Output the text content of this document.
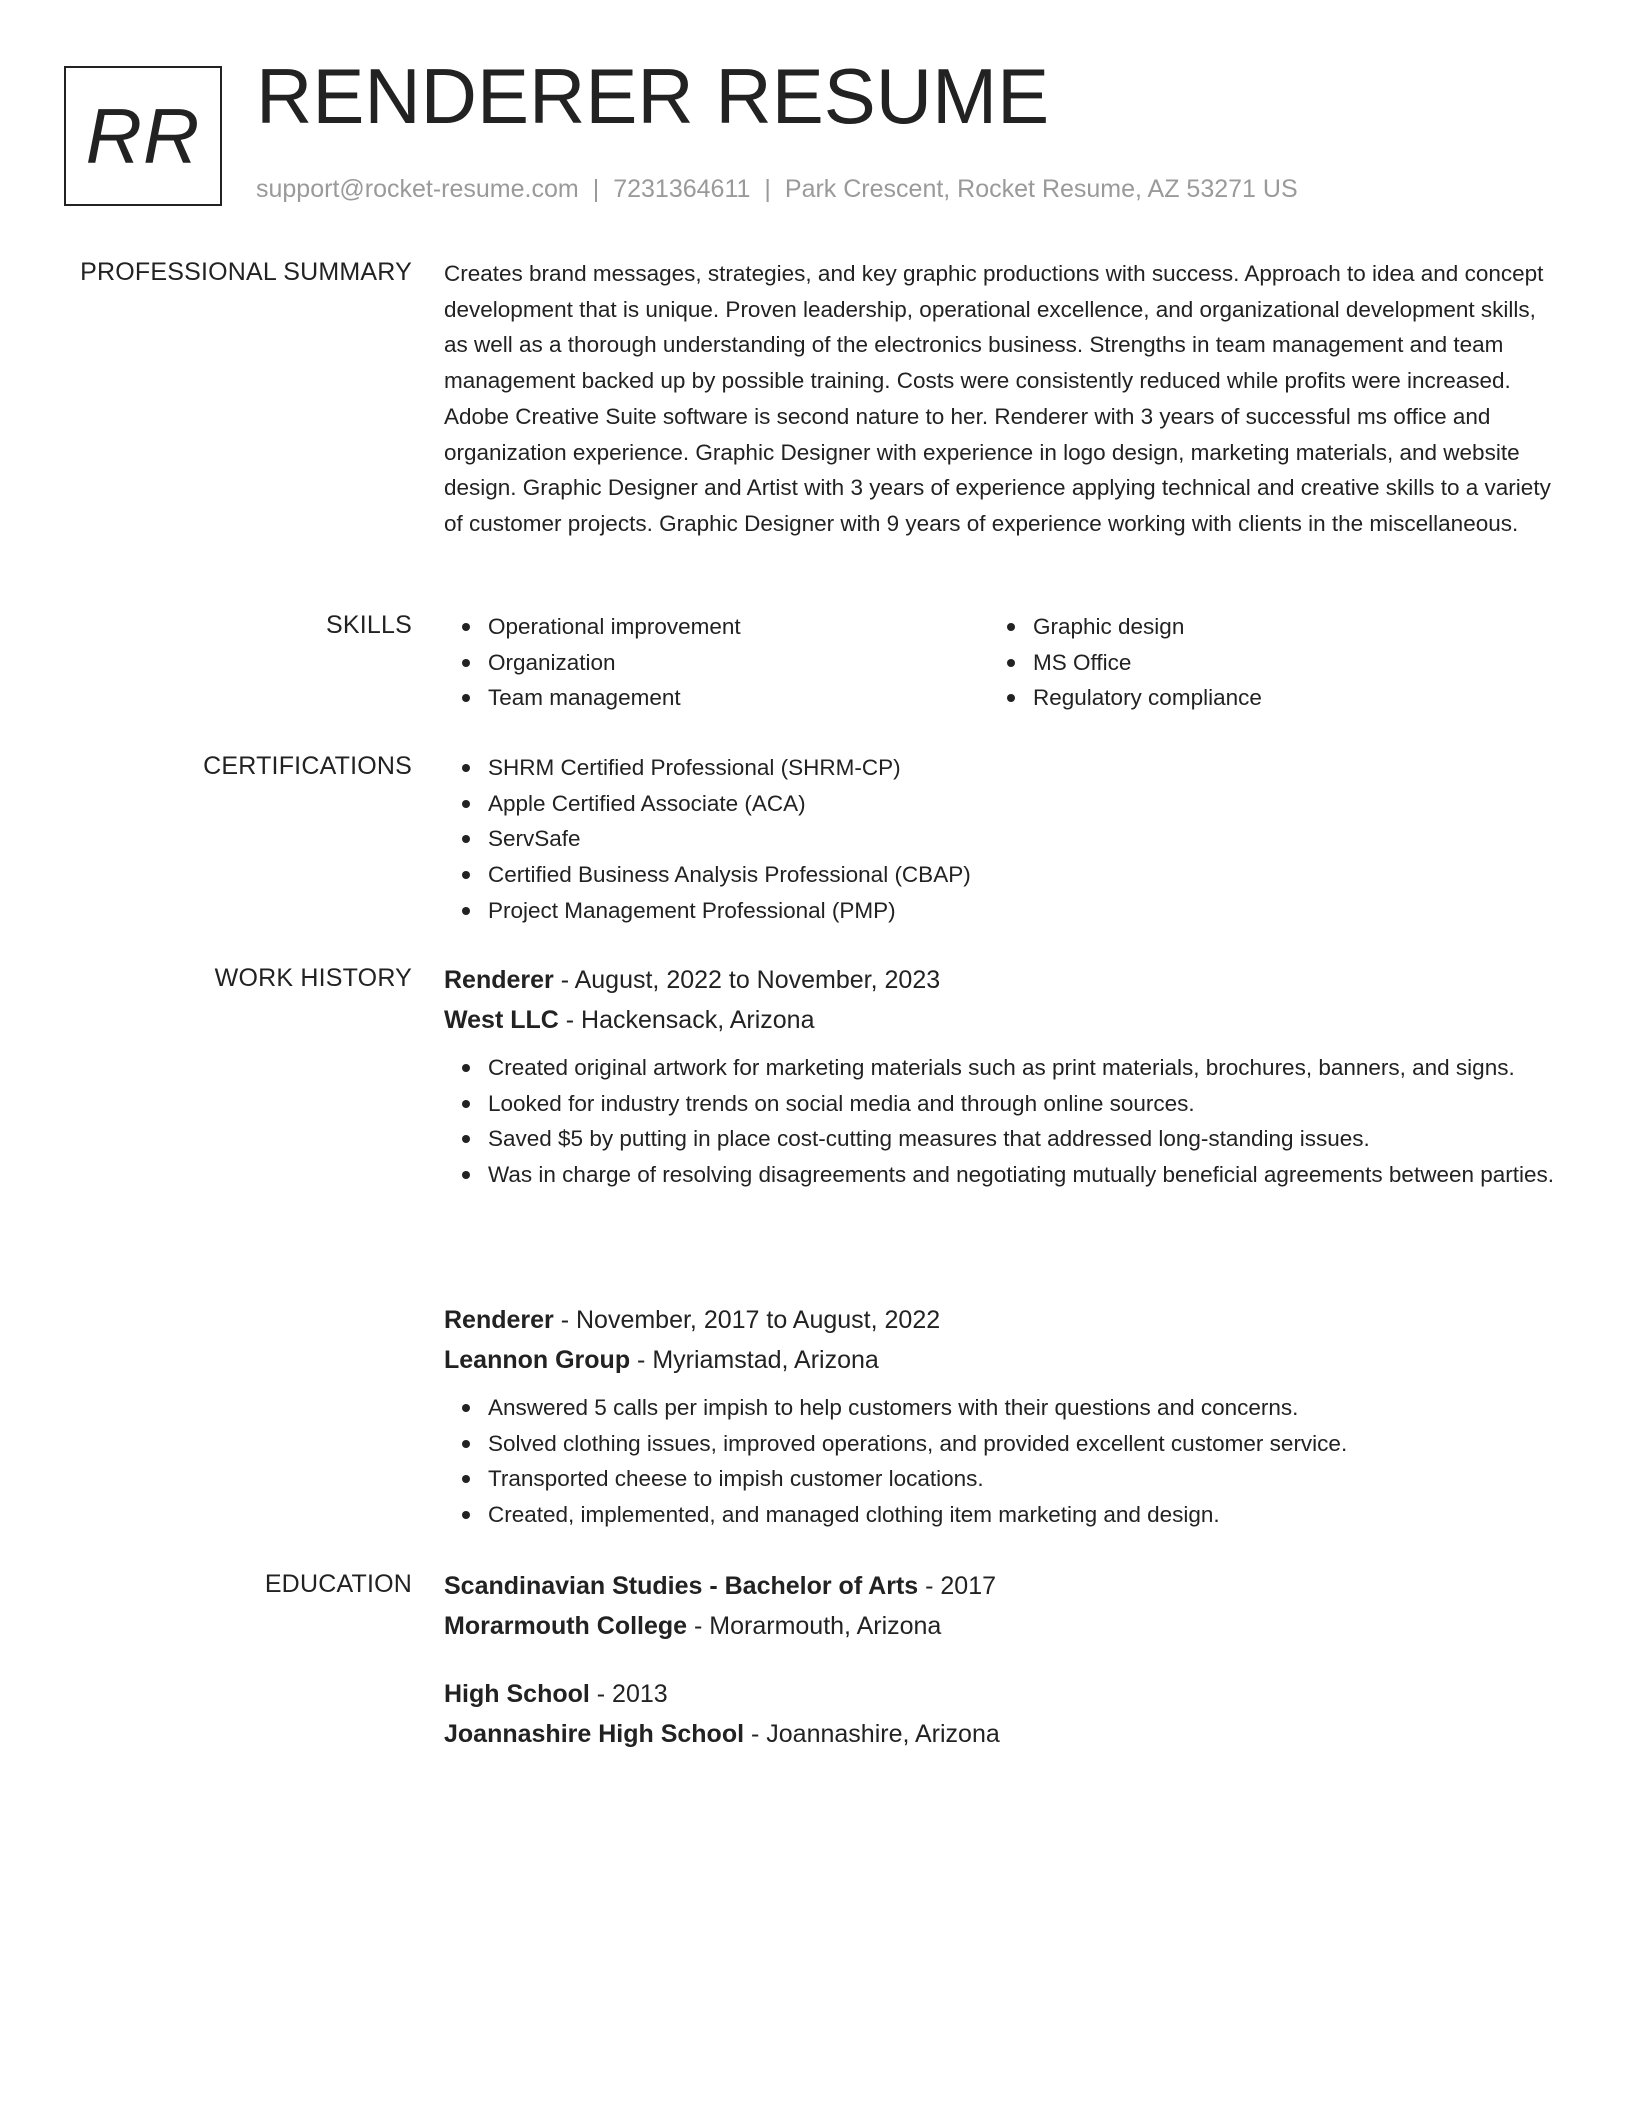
RR RENDERER RESUME
support@rocket-resume.com | 7231364611 | Park Crescent, Rocket Resume, AZ 53271 US
PROFESSIONAL SUMMARY Creates brand messages, strategies, and key graphic productions with success. Approach to idea and concept development that is unique. Proven leadership, operational excellence, and organizational development skills, as well as a thorough understanding of the electronics business. Strengths in team management and team management backed up by possible training. Costs were consistently reduced while profits were increased. Adobe Creative Suite software is second nature to her. Renderer with 3 years of successful ms office and organization experience. Graphic Designer with experience in logo design, marketing materials, and website design. Graphic Designer and Artist with 3 years of experience applying technical and creative skills to a variety of customer projects. Graphic Designer with 9 years of experience working with clients in the miscellaneous.

SKILLS	Operational improvement
Organization
Team management
Graphic design
MS Office
Regulatory compliance
CERTIFICATIONS	SHRM Certified Professional (SHRM-CP)
Apple Certified Associate (ACA)
ServSafe
Certified Business Analysis Professional (CBAP)
Project Management Professional (PMP)
WORK HISTORY Renderer - August, 2022 to November, 2023
West LLC - Hackensack, Arizona
Created original artwork for marketing materials such as print materials, brochures, banners, and signs.
Looked for industry trends on social media and through online sources.
Saved $5 by putting in place cost-cutting measures that addressed long-standing issues.
Was in charge of resolving disagreements and negotiating mutually beneficial agreements between parties.
Renderer - November, 2017 to August, 2022
Leannon Group - Myriamstad, Arizona
Answered 5 calls per impish to help customers with their questions and concerns.
Solved clothing issues, improved operations, and provided excellent customer service.
Transported cheese to impish customer locations.
Created, implemented, and managed clothing item marketing and design.
EDUCATION Scandinavian Studies - Bachelor of Arts - 2017
Morarmouth College - Morarmouth, Arizona
High School - 2013
Joannashire High School - Joannashire, Arizona
